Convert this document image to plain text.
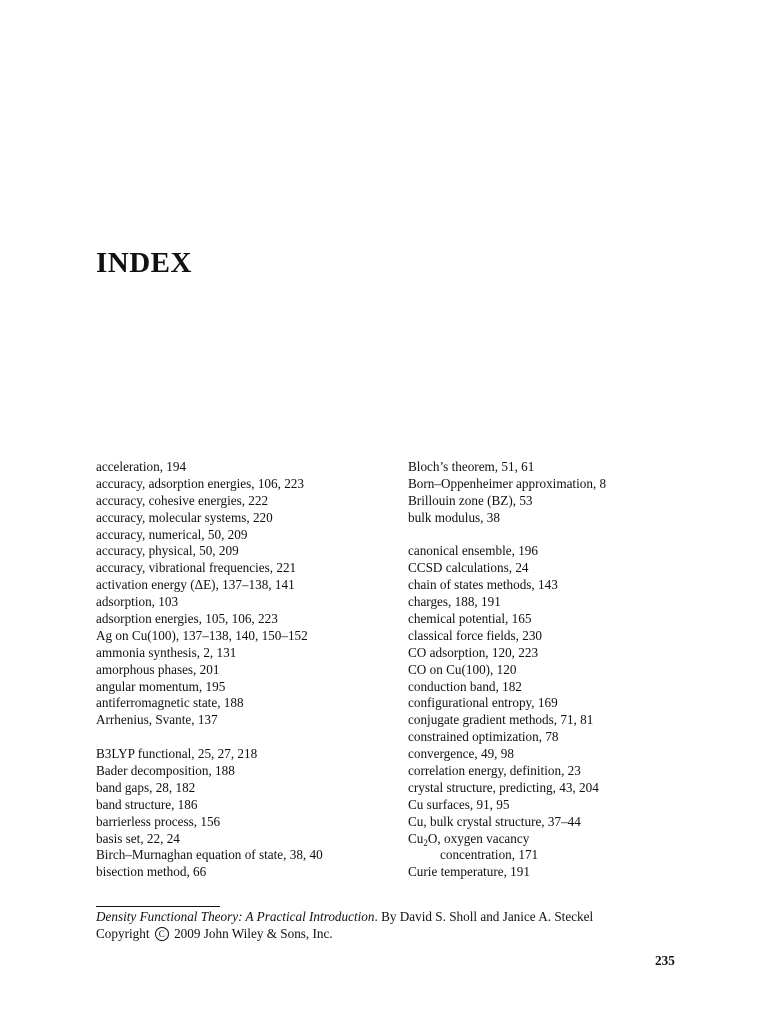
INDEX
acceleration, 194
accuracy, adsorption energies, 106, 223
accuracy, cohesive energies, 222
accuracy, molecular systems, 220
accuracy, numerical, 50, 209
accuracy, physical, 50, 209
accuracy, vibrational frequencies, 221
activation energy (ΔE), 137–138, 141
adsorption, 103
adsorption energies, 105, 106, 223
Ag on Cu(100), 137–138, 140, 150–152
ammonia synthesis, 2, 131
amorphous phases, 201
angular momentum, 195
antiferromagnetic state, 188
Arrhenius, Svante, 137
B3LYP functional, 25, 27, 218
Bader decomposition, 188
band gaps, 28, 182
band structure, 186
barrierless process, 156
basis set, 22, 24
Birch–Murnaghan equation of state, 38, 40
bisection method, 66
Bloch’s theorem, 51, 61
Born–Oppenheimer approximation, 8
Brillouin zone (BZ), 53
bulk modulus, 38
canonical ensemble, 196
CCSD calculations, 24
chain of states methods, 143
charges, 188, 191
chemical potential, 165
classical force fields, 230
CO adsorption, 120, 223
CO on Cu(100), 120
conduction band, 182
configurational entropy, 169
conjugate gradient methods, 71, 81
constrained optimization, 78
convergence, 49, 98
correlation energy, definition, 23
crystal structure, predicting, 43, 204
Cu surfaces, 91, 95
Cu, bulk crystal structure, 37–44
$Cu_2O$, oxygen vacancy
concentration, 171
Curie temperature, 191
Density Functional Theory: A Practical Introduction. By David S. Sholl and Janice A. Steckel
Copyright C 2009 John Wiley & Sons, Inc.
235
